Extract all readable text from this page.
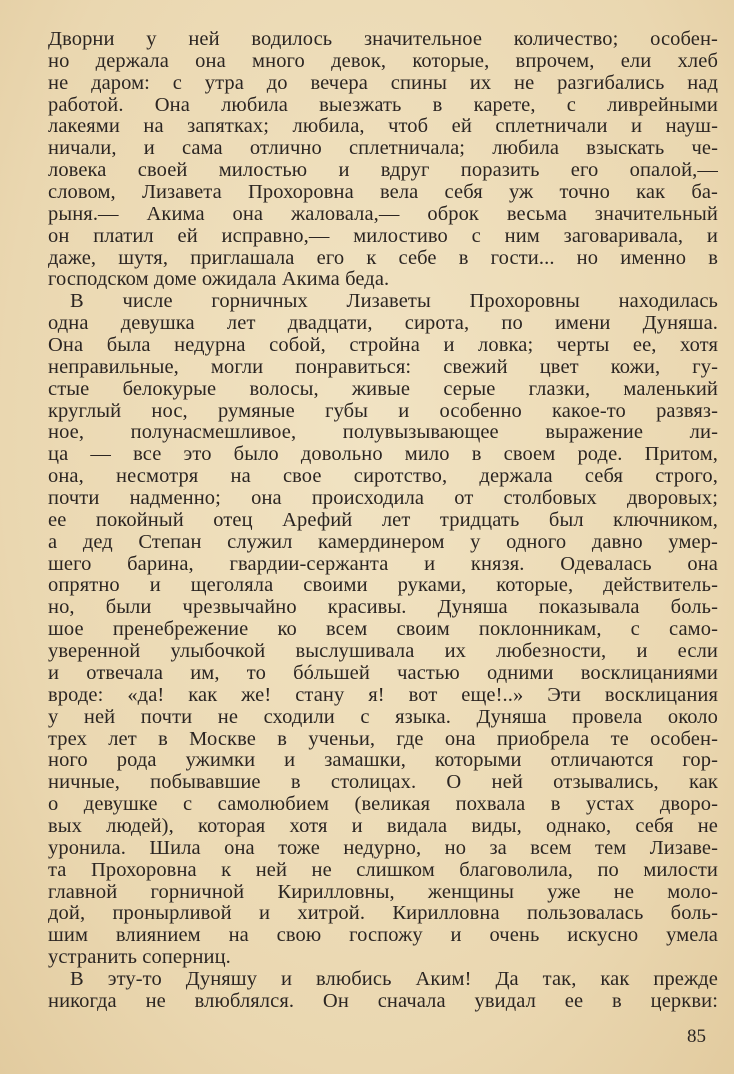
Дворни у ней водилось значительное количество; особен-
но держала она много девок, которые, впрочем, ели хлеб
не даром: с утра до вечера спины их не разгибались над
работой. Она любила выезжать в карете, с ливрейными
лакеями на запятках; любила, чтоб ей сплетничали и науш-
ничали, и сама отлично сплетничала; любила взыскать че-
ловека своей милостью и вдруг поразить его опалой,—
словом, Лизавета Прохоровна вела себя уж точно как ба-
рыня.— Акима она жаловала,— оброк весьма значительный
он платил ей исправно,— милостиво с ним заговаривала, и
даже, шутя, приглашала его к себе в гости... но именно в
господском доме ожидала Акима беда.
В числе горничных Лизаветы Прохоровны находилась
одна девушка лет двадцати, сирота, по имени Дуняша.
Она была недурна собой, стройна и ловка; черты ее, хотя
неправильные, могли понравиться: свежий цвет кожи, гу-
стые белокурые волосы, живые серые глазки, маленький
круглый нос, румяные губы и особенно какое-то развяз-
ное, полунасмешливое, полувызывающее выражение ли-
ца — все это было довольно мило в своем роде. Притом,
она, несмотря на свое сиротство, держала себя строго,
почти надменно; она происходила от столбовых дворовых;
ее покойный отец Арефий лет тридцать был ключником,
а дед Степан служил камердинером у одного давно умер-
шего барина, гвардии-сержанта и князя. Одевалась она
опрятно и щеголяла своими руками, которые, действитель-
но, были чрезвычайно красивы. Дуняша показывала боль-
шое пренебрежение ко всем своим поклонникам, с само-
уверенной улыбочкой выслушивала их любезности, и если
и отвечала им, то бóльшей частью одними восклицаниями
вроде: «да! как же! стану я! вот еще!..» Эти восклицания
у ней почти не сходили с языка. Дуняша провела около
трех лет в Москве в ученьи, где она приобрела те особен-
ного рода ужимки и замашки, которыми отличаются гор-
ничные, побывавшие в столицах. О ней отзывались, как
о девушке с самолюбием (великая похвала в устах дворо-
вых людей), которая хотя и видала виды, однако, себя не
уронила. Шила она тоже недурно, но за всем тем Лизаве-
та Прохоровна к ней не слишком благоволила, по милости
главной горничной Кирилловны, женщины уже не моло-
дой, пронырливой и хитрой. Кирилловна пользовалась боль-
шим влиянием на свою госпожу и очень искусно умела
устранить соперниц.
В эту-то Дуняшу и влюбись Аким! Да так, как прежде
никогда не влюблялся. Он сначала увидал ее в церкви:
85
